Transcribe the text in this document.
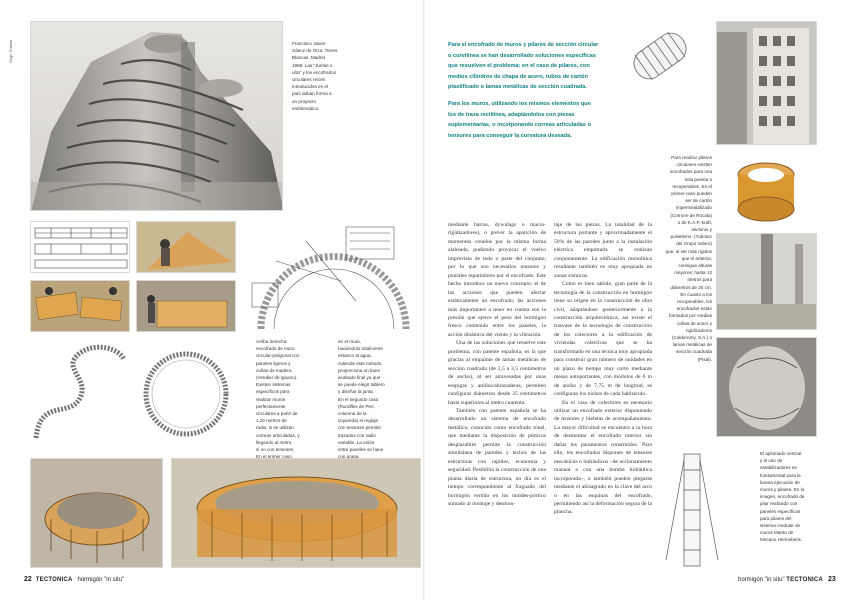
Hugo Teixido	Francisco Javier
Sáenz de Oiza. Torres
Blancas. Madrid
1968. Las "Juntas o
uña" y los encofrados
circulares recién
introducidos en el
país daban forma a
un proyecto
emblemático.

Arriba derecha:
encofrado de muro
circular-poligonal con
paneles ligeros y
cuñas de madera
(Vendier de Iguazu).
Existen sistemas
específicos para
realizar muros
perfectamente
circulares a partir de
1,20 metros de
radio, si se utilizan
correas articuladas, y
llegando al metro,
si no con tensores.
En el primer caso

en el muro,
haciéndolo totalmente
estanco al agua.
Además este método
proporciona un buen
acabado final ya que
se puede elegir tablero
y diseñar la junta.
En el segundo caso
(Rundflex de Peri,
columna de la
izquierda) el reglaje
con tensores permite
trazados con radio
variable. La unión
entre paneles se hace
con grapa

22 TECTONICA hormigón "in situ"

Para el encofrado de muros y pilares de sección circular o curvilínea se han desarrollado soluciones específicas que resuelven el problema: en el caso de pilares, con medios cilindros de chapa de acero, tubos de cartón plastificado o lamas metálicas de sección cuadrada.

Para los muros, utilizando los mismos elementos que los de traza rectilínea, adaptándolos con piezas suplementarias, o incorporando correas articuladas o tensores para conseguir la curvatura deseada.

mediante barras, dywidags o macro-rigidizadores), o prever la aparición de momentos creados por la misma forma alabeada, pudiendo provocar el vuelco imprevisto de todo o parte del conjunto, por lo que son necesarios tensores y puntales repartidores por el encofrado. Este hecho introduce un nuevo concepto: el de las acciones que pueden afectar estáticamente un encofrado; las acciones más importantes a tener en cuenta son la presión que ejerce el peso del hormigón fresco contenido entre los paneles, la acción dinámica del viento y la vibración.

Una de las soluciones que resuelve este problema, con patente española, es la que gracias al empalme de lamas metálicas de sección cuadrada (de 2,5 a 3,5 centímetros de ancho), al ser atravesadas por unas eespigas y anillos/abrazaderas, permiten configurar diámetros desde 25 centímetros hasta superiores al metro cuarenta.

También con patente española se ha desarrollado un sistema de encofrado metálico, conocido como encofrado túnel, que mediante la disposición de pórticos desplazables permite la construcción simultánea de paredes y techos de las estructuras con rapidez, economía y seguridad. Posibilita la construcción de una planta diaria de estructura, un día es el tiempo correspondiente al fraguado del hormigón vertido en los moldes-pórtico sumado al montaje y desmon-

taje de las piezas. La totalidad de la estructura portante y aproximadamente el 50% de las paredes junto a la instalación eléctrica empotrada se realizan conjuntamente. La edificación monolítica resultante también es muy apropiada en zonas sísmicas.

Como es bien sabido, gran parte de la tecnología de la construcción en hormigón tiene su origen en la construcción de obra civil, adaptándose posteriormente a la construcción arquitectónica; así existe el trasvase de la tecnología de construcción de los colectores a la edificación de viviendas colectivas que se ha transformado en una técnica muy apropiada para construir gran número de unidades en un plazo de tiempo muy corto mediante mesas autoportantes, con módulos de 6 m de ancho y de 7,75 m de longitud, se configuran los nichos de cada habitáculo.

En el caso de colectores es necesario utilizar un encofrado exterior disponiendo de tensores y bieletas de acompañamiento. La mayor dificultad se encuentra a la hora de desmontar el encofrado interior sin dañar los paramentos construidos. Para ello, los encofrados disponen de tensores mecánicos o hidráulicos –de accionamiento manual o con una bomba hidráulica incorporada–, o también pueden plegarse mediante el abisagrado en la clave del arco o en las esquinas del encofrado, permitiendo así la deformación segura de la plancha.

Para realizar pilares
circulares existen
encofrados para una
sola puesta o
recuperables. En el
primer caso pueden
ser de cartón
impermeabilizado
(Corrone de Rocala)
o de K.A.P.-kraft,
aluminio y
polietileno- (Tubotec
del Grupo Valero)
que, al ser más rígidos
que el anterior,
consigue alturas
mayores; hasta 12
metros para
diámetros de 20 cm.
En cuanto a los
recuperables, los
encofrados están
formados por medias
cañas de acero y
rigidizadores
(Calderomy, S.A.) o
lamas metálicas de
sección cuadrada
(Pisal).

El aplomado vertical
y el uso de
estabilizadores es
fundamental para la
buena ejecución de
muros y pilares. En la
imagen, encofrado de
pilar realizado con
paneles específicos
para pilares del
sistema modular de
muros Manto de
Mecano Hünnebeck.

hormigón "in situ" TECTONICA 23
